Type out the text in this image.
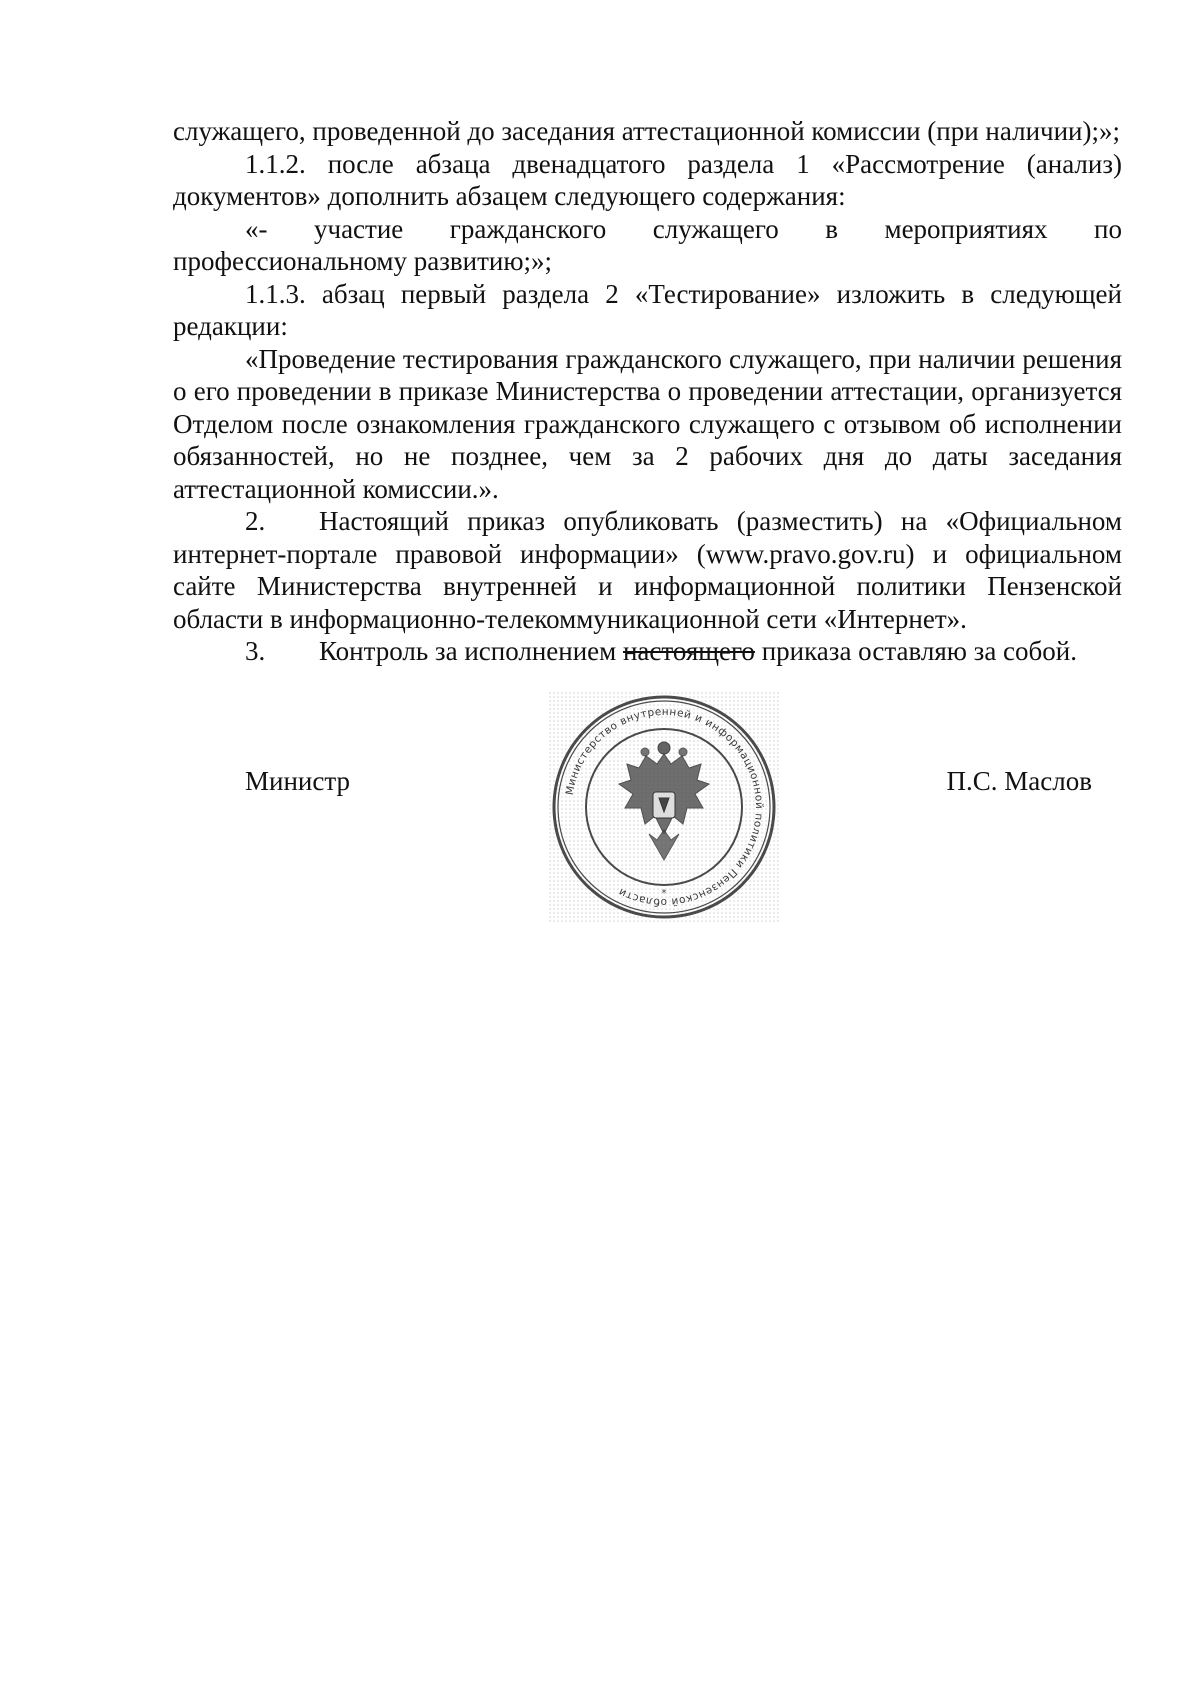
служащего, проведенной до заседания аттестационной комиссии (при наличии);»;

1.1.2. после абзаца двенадцатого раздела 1 «Рассмотрение (анализ) документов» дополнить абзацем следующего содержания:

«- участие гражданского служащего в мероприятиях по профессиональному развитию;»;

1.1.3. абзац первый раздела 2 «Тестирование» изложить в следующей редакции:

«Проведение тестирования гражданского служащего, при наличии решения о его проведении в приказе Министерства о проведении аттестации, организуется Отделом после ознакомления гражданского служащего с отзывом об исполнении обязанностей, но не позднее, чем за 2 рабочих дня до даты заседания аттестационной комиссии.».

2. Настоящий приказ опубликовать (разместить) на «Официальном интернет-портале правовой информации» (www.pravo.gov.ru) и официальном сайте Министерства внутренней и информационной политики Пензенской области в информационно-телекоммуникационной сети «Интернет».

3. Контроль за исполнением настоящего приказа оставляю за собой.

Министерство внутренней и информационной политики Пензенской области	*
Министр	П.С. Маслов
